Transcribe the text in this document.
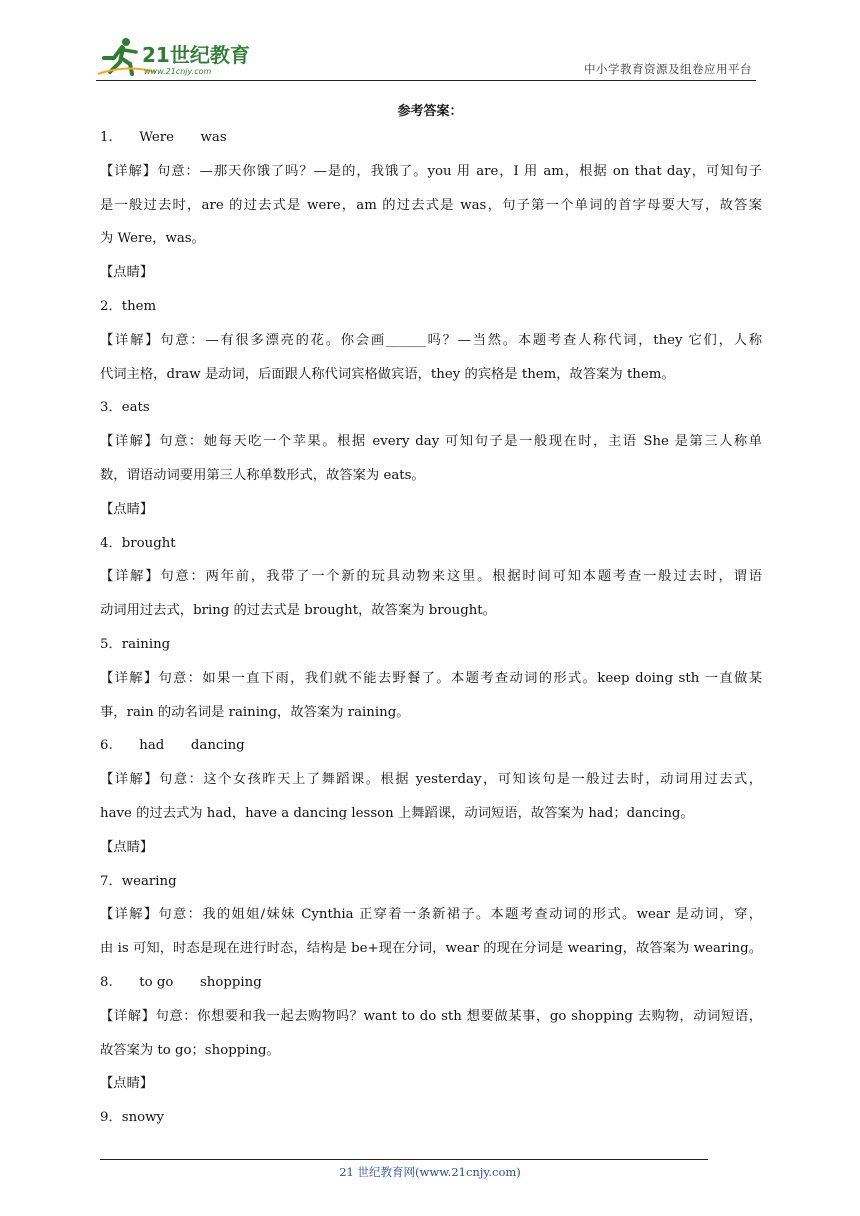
21世纪教育
www.21cnjy.com	中小学教育资源及组卷应用平台
参考答案：
1.　　Were　　was
【详解】句意：—那天你饿了吗？—是的，我饿了。you 用 are，I 用 am，根据 on that day，可知句子
是一般过去时，are 的过去式是 were，am 的过去式是 was，句子第一个单词的首字母要大写，故答案
为 Were，was。
【点睛】
2．them
【详解】句意：—有很多漂亮的花。你会画______吗？—当然。本题考查人称代词，they 它们，人称
代词主格，draw 是动词，后面跟人称代词宾格做宾语，they 的宾格是 them，故答案为 them。
3．eats
【详解】句意：她每天吃一个苹果。根据 every day 可知句子是一般现在时，主语 She 是第三人称单
数，谓语动词要用第三人称单数形式，故答案为 eats。
【点睛】
4．brought
【详解】句意：两年前，我带了一个新的玩具动物来这里。根据时间可知本题考查一般过去时，谓语
动词用过去式，bring 的过去式是 brought，故答案为 brought。
5．raining
【详解】句意：如果一直下雨，我们就不能去野餐了。本题考查动词的形式。keep doing sth 一直做某
事，rain 的动名词是 raining，故答案为 raining。
6.　　had　　dancing
【详解】句意：这个女孩昨天上了舞蹈课。根据 yesterday，可知该句是一般过去时，动词用过去式，
have 的过去式为 had，have a dancing lesson 上舞蹈课，动词短语，故答案为 had；dancing。
【点睛】
7．wearing
【详解】句意：我的姐姐/妹妹 Cynthia 正穿着一条新裙子。本题考查动词的形式。wear 是动词，穿，
由 is 可知，时态是现在进行时态，结构是 be+现在分词，wear 的现在分词是 wearing，故答案为 wearing。
8.　　to go　　shopping
【详解】句意：你想要和我一起去购物吗？want to do sth 想要做某事，go shopping 去购物，动词短语，
故答案为 to go；shopping。
【点睛】
9．snowy
21 世纪教育网(www.21cnjy.com)
